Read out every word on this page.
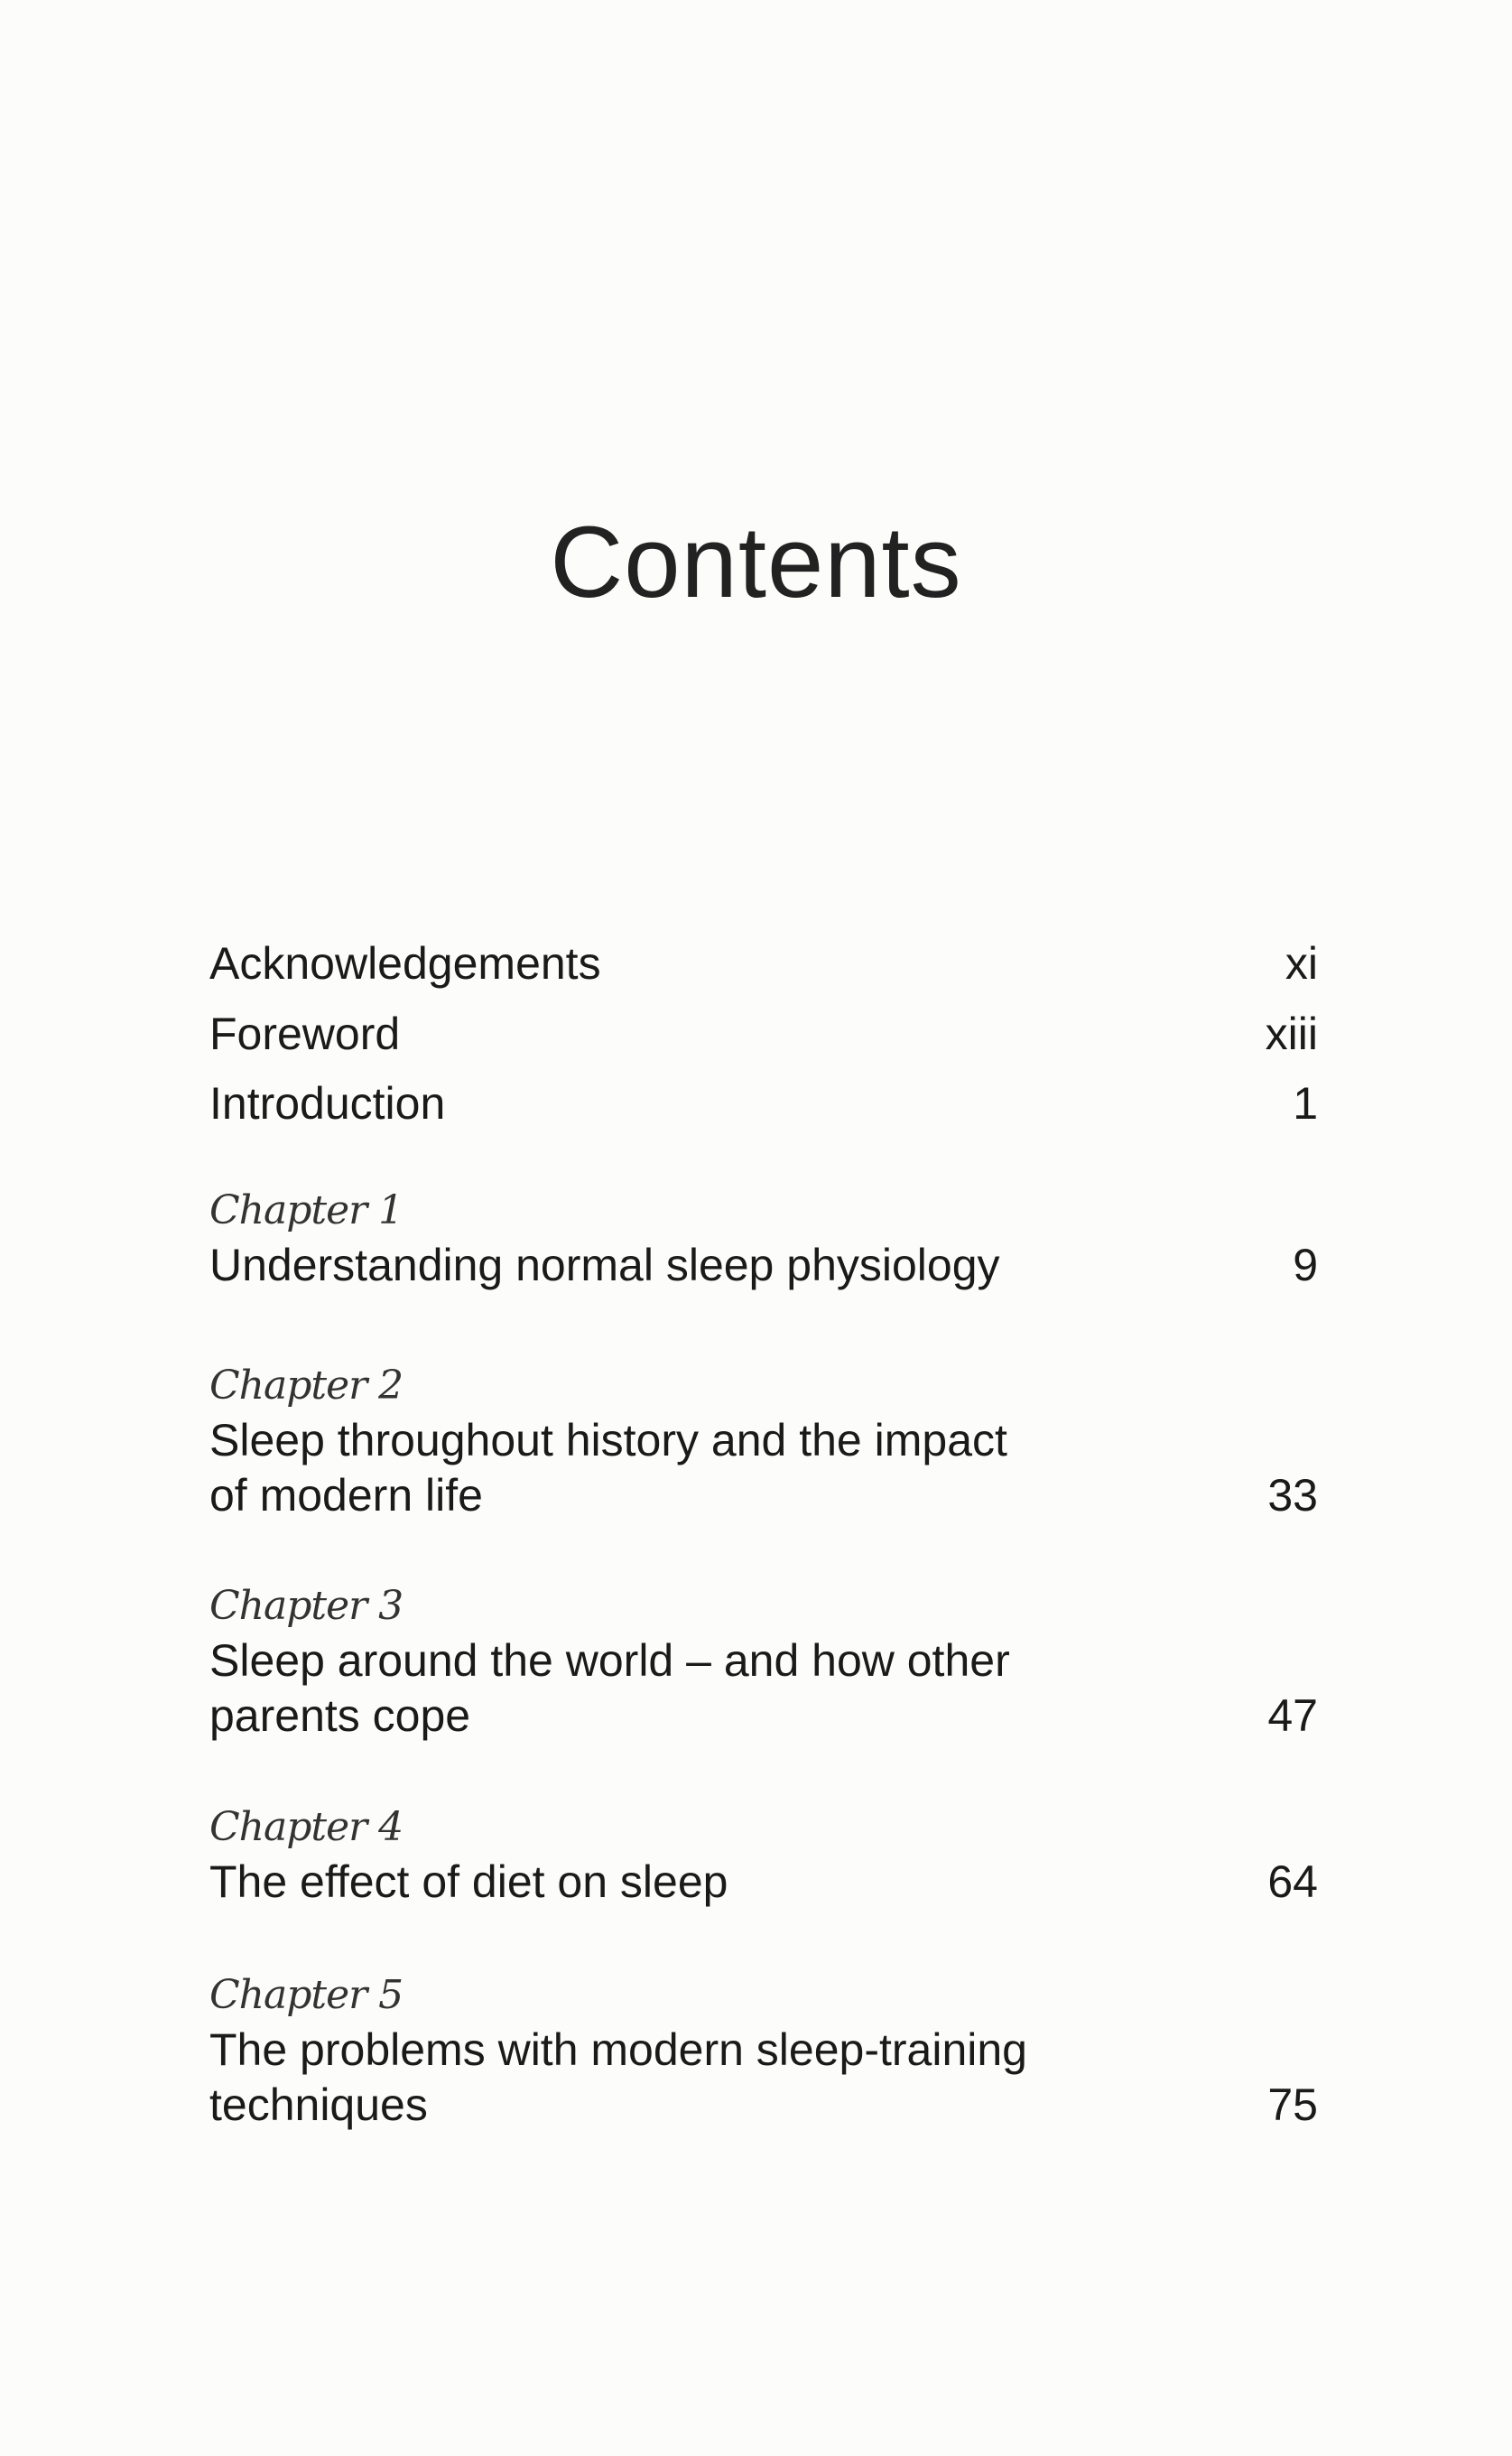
Contents
Acknowledgements	xi
Foreword	xiii
Introduction	1
Chapter 1
Understanding normal sleep physiology	9
Chapter 2
Sleep throughout history and the impact
of modern life	33
Chapter 3
Sleep around the world – and how other
parents cope	47
Chapter 4
The effect of diet on sleep	64
Chapter 5
The problems with modern sleep-training
techniques	75
